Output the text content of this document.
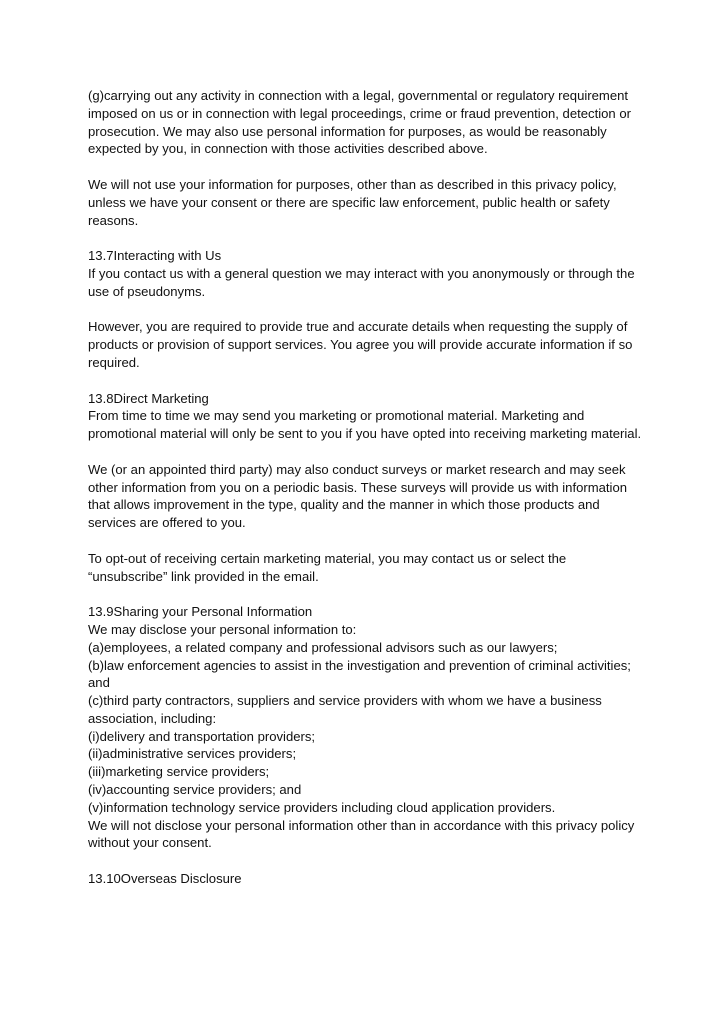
(g)carrying out any activity in connection with a legal, governmental or regulatory requirement imposed on us or in connection with legal proceedings, crime or fraud prevention, detection or prosecution. We may also use personal information for purposes, as would be reasonably expected by you, in connection with those activities described above.

We will not use your information for purposes, other than as described in this privacy policy, unless we have your consent or there are specific law enforcement, public health or safety reasons.

13.7Interacting with Us

If you contact us with a general question we may interact with you anonymously or through the use of pseudonyms.

However, you are required to provide true and accurate details when requesting the supply of products or provision of support services. You agree you will provide accurate information if so required.

13.8Direct Marketing

From time to time we may send you marketing or promotional material. Marketing and promotional material will only be sent to you if you have opted into receiving marketing material.

We (or an appointed third party) may also conduct surveys or market research and may seek other information from you on a periodic basis. These surveys will provide us with information that allows improvement in the type, quality and the manner in which those products and services are offered to you.

To opt-out of receiving certain marketing material, you may contact us or select the “unsubscribe” link provided in the email.

13.9Sharing your Personal Information

We may disclose your personal information to:

(a)employees, a related company and professional advisors such as our lawyers;

(b)law enforcement agencies to assist in the investigation and prevention of criminal activities; and

(c)third party contractors, suppliers and service providers with whom we have a business association, including:

(i)delivery and transportation providers;

(ii)administrative services providers;

(iii)marketing service providers;

(iv)accounting service providers; and

(v)information technology service providers including cloud application providers.

We will not disclose your personal information other than in accordance with this privacy policy without your consent.

13.10Overseas Disclosure
